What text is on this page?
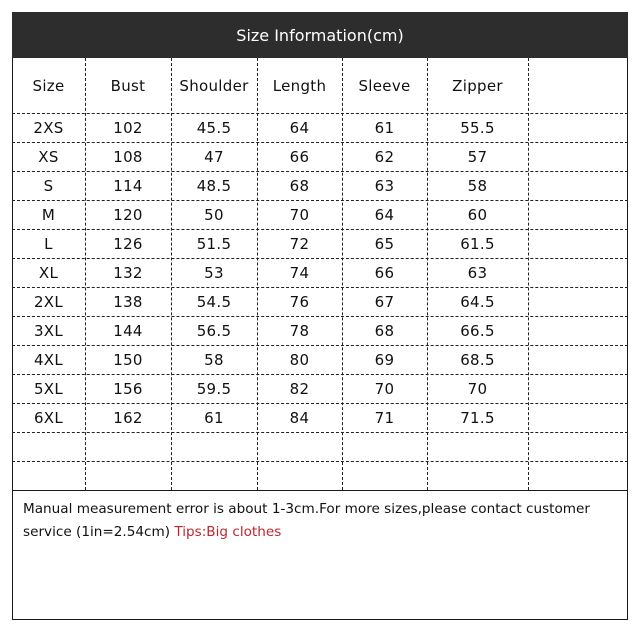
Size Information(cm)
Size	Bust	Shoulder	Length	Sleeve	Zipper
2XS	102	45.5	64	61	55.5
XS	108	47	66	62	57
S	114	48.5	68	63	58
M	120	50	70	64	60
L	126	51.5	72	65	61.5
XL	132	53	74	66	63
2XL	138	54.5	76	67	64.5
3XL	144	56.5	78	68	66.5
4XL	150	58	80	69	68.5
5XL	156	59.5	82	70	70
6XL	162	61	84	71	71.5
Manual measurement error is about 1-3cm.For more sizes,please contact customer service (1in=2.54cm) Tips:Big clothes
